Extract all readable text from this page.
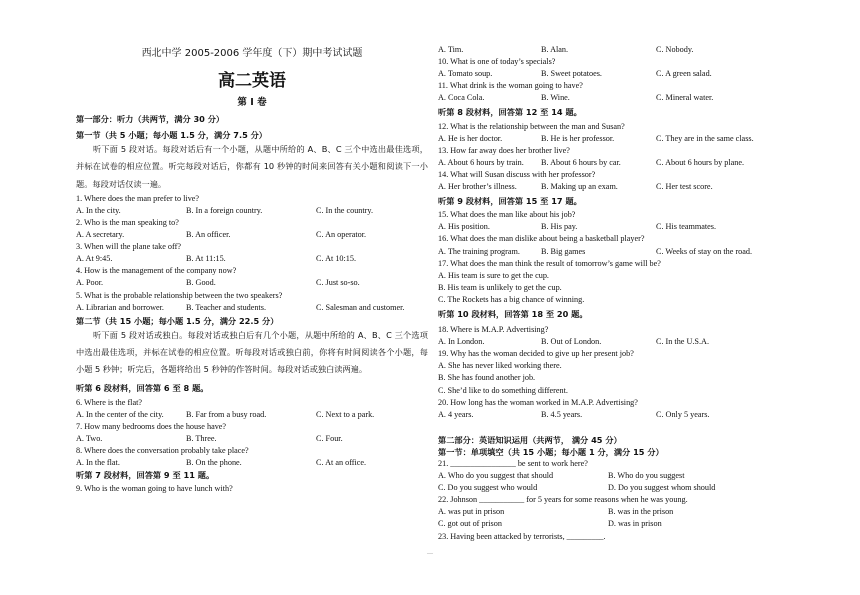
西北中学 2005-2006 学年度（下）期中考试试题
高二英语
第 I 卷
第一部分：听力（共两节，满分 30 分）
第一节（共 5 小题；每小题 1.5 分，满分 7.5 分）
听下面 5 段对话。每段对话后有一个小题，从题中所给的 A、B、C 三个中选出最佳选项，并标在试卷的相应位置。听完每段对话后，你都有 10 秒钟的时间来回答有关小题和阅读下一小题。每段对话仅读一遍。
1. Where does the man prefer to live?
A. In the city.	B. In a foreign country.	C. In the country.
2. Who is the man speaking to?
A. A secretary.	B. An officer.	C. An operator.
3. When will the plane take off?
A. At 9:45.	B. At 11:15.	C. At 10:15.
4. How is the management of the company now?
A. Poor.	B. Good.	C. Just so-so.
5. What is the probable relationship between the two speakers?
A. Librarian and borrower.	B. Teacher and students.	C. Salesman and customer.
第二节（共 15 小题；每小题 1.5 分，满分 22.5 分）
听下面 5 段对话或独白。每段对话或独白后有几个小题，从题中所给的 A、B、C 三个选项中选出最佳选项，并标在试卷的相应位置。听每段对话或独白前，你将有时间阅读各个小题，每小题 5 秒钟；听完后，各题将给出 5 秒钟的作答时间。每段对话或独白读两遍。
听第 6 段材料，回答第 6 至 8 题。
6. Where is the flat?
A. In the center of the city.	B. Far from a busy road.	C. Next to a park.
7. How many bedrooms does the house have?
A. Two.	B. Three.	C. Four.
8. Where does the conversation probably take place?
A. In the flat.	B. On the phone.	C. At an office.
听第 7 段材料，回答第 9 至 11 题。
9. Who is the woman going to have lunch with?
A. Tim.	B. Alan.	C. Nobody.
10. What is one of today’s specials?
A. Tomato soup.	B. Sweet potatoes.	C. A green salad.
11. What drink is the woman going to have?
A. Coca Cola.	B. Wine.	C. Mineral water.
听第 8 段材料，回答第 12 至 14 题。
12. What is the relationship between the man and Susan?
A. He is her doctor.	B. He is her professor.	C. They are in the same class.
13. How far away does her brother live?
A. About 6 hours by train.	B. About 6 hours by car.	C. About 6 hours by plane.
14. What will Susan discuss with her professor?
A. Her brother’s illness.	B. Making up an exam.	C. Her test score.
听第 9 段材料，回答第 15 至 17 题。
15. What does the man like about his job?
A. His position.	B. His pay.	C. His teammates.
16. What does the man dislike about being a basketball player?
A. The training program.	B. Big games	C. Weeks of stay on the road.
17. What does the man think the result of tomorrow’s game will be?
A. His team is sure to get the cup.
B. His team is unlikely to get the cup.
C. The Rockets has a big chance of winning.
听第 10 段材料，回答第 18 至 20 题。
18. Where is M.A.P. Advertising?
A. In London.	B. Out of London.	C. In the U.S.A.
19. Why has the woman decided to give up her present job?
A. She has never liked working there.
B. She has found another job.
C. She’d like to do something different.
20. How long has the woman worked in M.A.P. Advertising?
A. 4 years.	B. 4.5 years.	C. Only 5 years.
第二部分：英语知识运用（共两节， 满分 45 分）
第一节：单项填空（共 15 小题；每小题 1 分，满分 15 分）
21. ________________ be sent to work here?
A. Who do you suggest that should	B. Who do you suggest
C. Do you suggest who would	D. Do you suggest whom should
22. Johnson ___________ for 5 years for some reasons when he was young.
A. was put in prison	B. was in the prison
C. got out of prison	D. was in prison
23. Having been attacked by terrorists, _________.
—
